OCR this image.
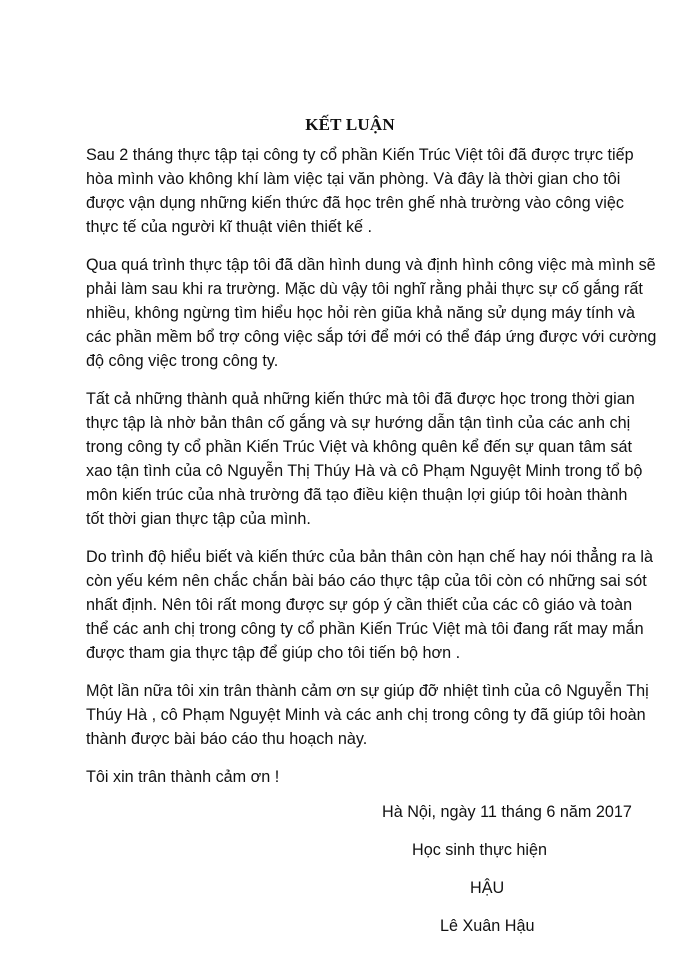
KẾT LUẬN
Sau 2 tháng thực tập tại công ty cổ phần Kiến Trúc Việt tôi đã được trực tiếp
hòa mình vào không khí làm việc tại văn phòng. Và đây là thời gian cho tôi
được vận dụng những kiến thức đã học trên ghế nhà trường vào công việc
thực tế của người kĩ thuật viên thiết kế .
Qua quá trình thực tập tôi đã dần hình dung và định hình công việc mà mình sẽ
phải làm sau khi ra trường. Mặc dù vậy tôi nghĩ rằng phải thực sự cố gắng rất
nhiều, không ngừng tìm hiểu học hỏi rèn giũa khả năng sử dụng máy tính và
các phần mềm bổ trợ công việc sắp tới để mới có thể đáp ứng được với cường
độ công việc trong công ty.
Tất cả những thành quả những kiến thức mà tôi đã được học trong thời gian
thực tập là nhờ bản thân cố gắng và sự hướng dẫn tận tình của các anh chị
trong công ty cổ phần Kiến Trúc Việt và không quên kể đến sự quan tâm sát
xao tận tình của cô Nguyễn Thị Thúy Hà và cô Phạm Nguyệt Minh trong tổ bộ
môn kiến trúc của nhà trường đã tạo điều kiện thuận lợi giúp tôi hoàn thành
tốt thời gian thực tập của mình.
Do trình độ hiểu biết và kiến thức của bản thân còn hạn chế hay nói thẳng ra là
còn yếu kém nên chắc chắn bài báo cáo thực tập của tôi còn có những sai sót
nhất định. Nên tôi rất mong được sự góp ý cần thiết của các cô giáo và toàn
thể các anh chị trong công ty cổ phần Kiến Trúc Việt mà tôi đang rất may mắn
được tham gia thực tập để giúp cho tôi tiến bộ hơn .
Một lần nữa tôi xin trân thành cảm ơn sự giúp đỡ nhiệt tình của cô Nguyễn Thị
Thúy Hà , cô Phạm Nguyệt Minh và các anh chị trong công ty đã giúp tôi hoàn
thành được bài báo cáo thu hoạch này.
Tôi xin trân thành cảm ơn !
Hà Nội, ngày 11 tháng 6 năm 2017
Học sinh thực hiện
HẬU
Lê Xuân Hậu
